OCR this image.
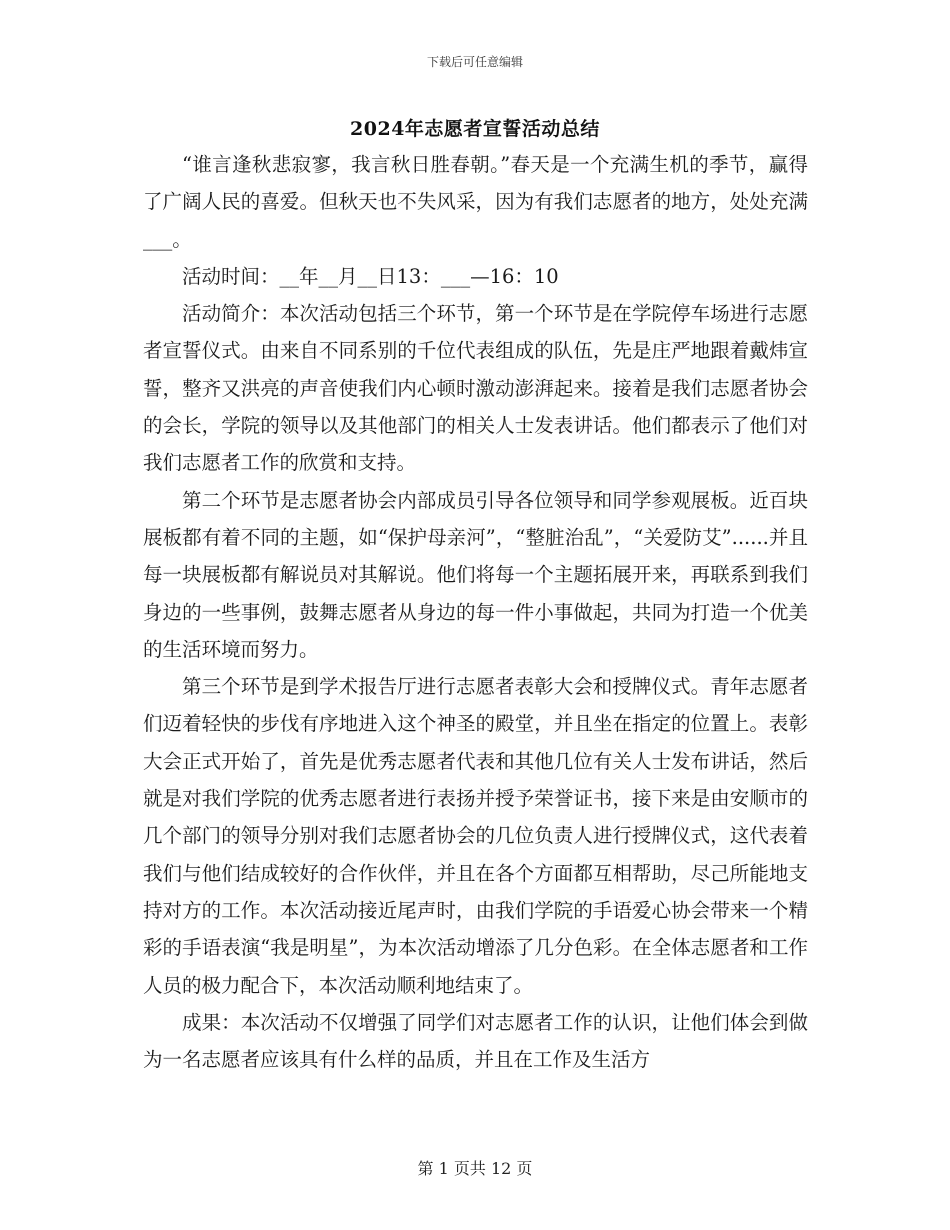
下载后可任意编辑
2024年志愿者宣誓活动总结

“谁言逢秋悲寂寥，我言秋日胜春朝。”春天是一个充满生机的季节，赢得了广阔人民的喜爱。但秋天也不失风采，因为有我们志愿者的地方，处处充满___。

活动时间：__年__月__日13：___—16：10

活动简介：本次活动包括三个环节，第一个环节是在学院停车场进行志愿者宣誓仪式。由来自不同系别的千位代表组成的队伍，先是庄严地跟着戴炜宣誓，整齐又洪亮的声音使我们内心顿时激动澎湃起来。接着是我们志愿者协会的会长，学院的领导以及其他部门的相关人士发表讲话。他们都表示了他们对我们志愿者工作的欣赏和支持。

第二个环节是志愿者协会内部成员引导各位领导和同学参观展板。近百块展板都有着不同的主题，如“保护母亲河”，“整脏治乱”，“关爱防艾”......并且每一块展板都有解说员对其解说。他们将每一个主题拓展开来，再联系到我们身边的一些事例，鼓舞志愿者从身边的每一件小事做起，共同为打造一个优美的生活环境而努力。

第三个环节是到学术报告厅进行志愿者表彰大会和授牌仪式。青年志愿者们迈着轻快的步伐有序地进入这个神圣的殿堂，并且坐在指定的位置上。表彰大会正式开始了，首先是优秀志愿者代表和其他几位有关人士发布讲话，然后就是对我们学院的优秀志愿者进行表扬并授予荣誉证书，接下来是由安顺市的几个部门的领导分别对我们志愿者协会的几位负责人进行授牌仪式，这代表着我们与他们结成较好的合作伙伴，并且在各个方面都互相帮助，尽己所能地支持对方的工作。本次活动接近尾声时，由我们学院的手语爱心协会带来一个精彩的手语表演“我是明星”，为本次活动增添了几分色彩。在全体志愿者和工作人员的极力配合下，本次活动顺利地结束了。

成果：本次活动不仅增强了同学们对志愿者工作的认识，让他们体会到做为一名志愿者应该具有什么样的品质，并且在工作及生活方

第 1 页共 12 页
